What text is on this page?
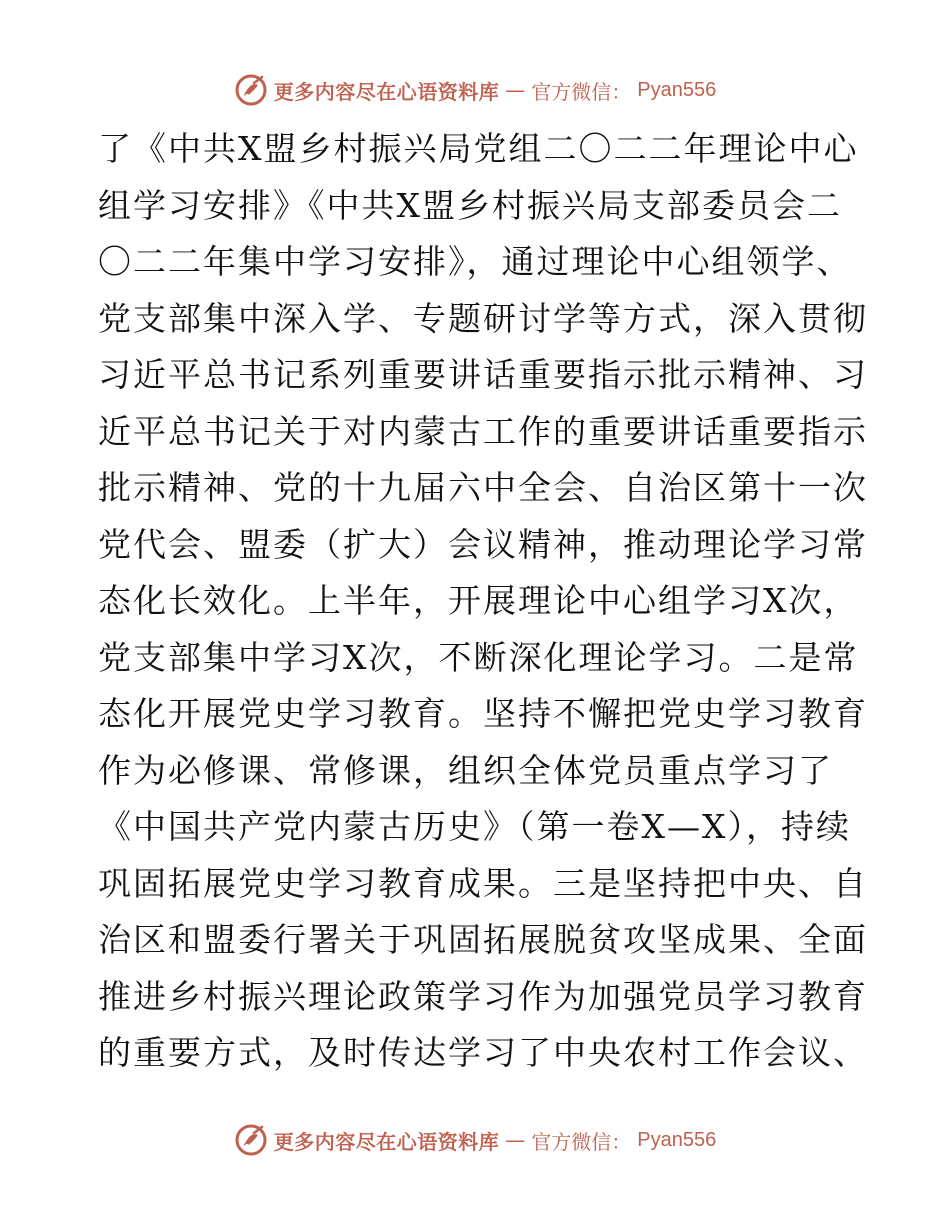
更多内容尽在心语资料库 — 官方微信： Pyan556
了《中共X盟乡村振兴局党组二〇二二年理论中心
组学习安排》《中共X盟乡村振兴局支部委员会二
〇二二年集中学习安排》，通过理论中心组领学、
党支部集中深入学、专题研讨学等方式，深入贯彻
习近平总书记系列重要讲话重要指示批示精神、习
近平总书记关于对内蒙古工作的重要讲话重要指示
批示精神、党的十九届六中全会、自治区第十一次
党代会、盟委（扩大）会议精神，推动理论学习常
态化长效化。上半年，开展理论中心组学习X次，
党支部集中学习X次，不断深化理论学习。二是常
态化开展党史学习教育。坚持不懈把党史学习教育
作为必修课、常修课，组织全体党员重点学习了
《中国共产党内蒙古历史》（第一卷X—X），持续
巩固拓展党史学习教育成果。三是坚持把中央、自
治区和盟委行署关于巩固拓展脱贫攻坚成果、全面
推进乡村振兴理论政策学习作为加强党员学习教育
的重要方式，及时传达学习了中央农村工作会议、
更多内容尽在心语资料库 — 官方微信： Pyan556
